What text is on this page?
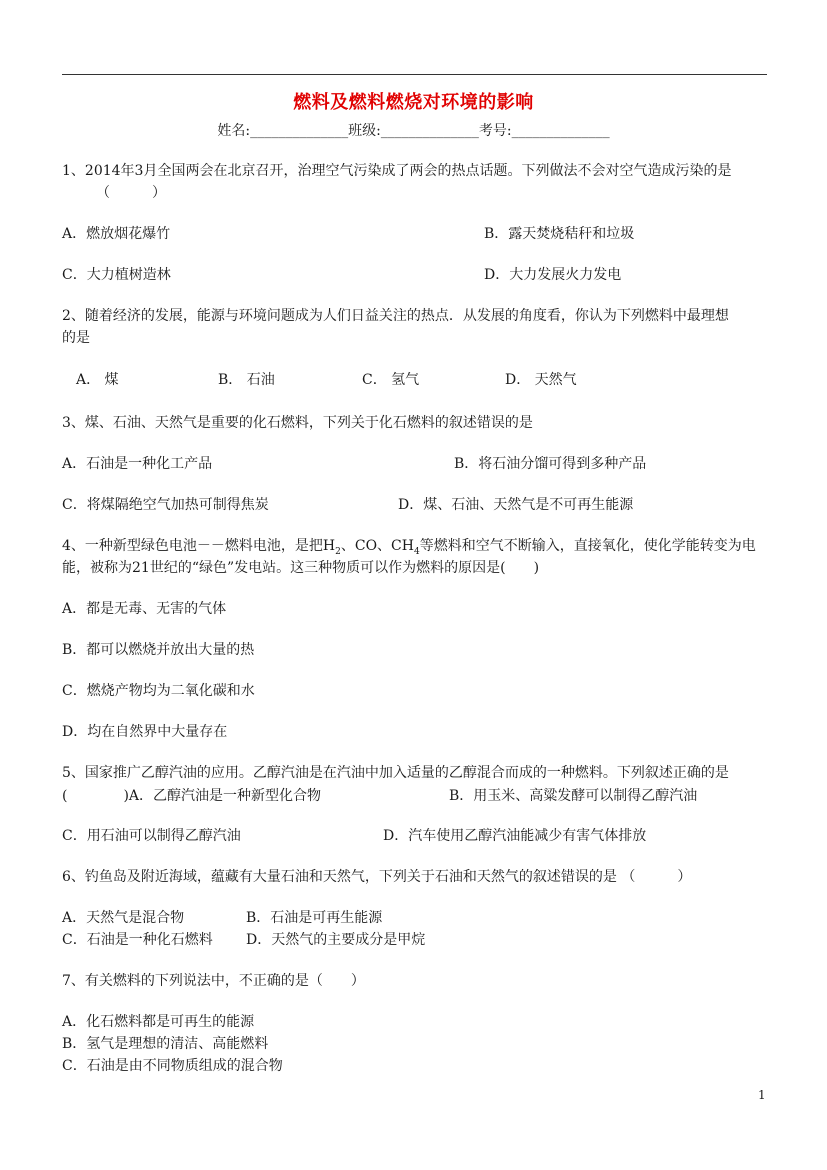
燃料及燃料燃烧对环境的影响
姓名:______________班级:______________考号:______________
1、2014年3月全国两会在北京召开，治理空气污染成了两会的热点话题。下列做法不会对空气造成污染的是
（　　　）
A．燃放烟花爆竹	B．露天焚烧秸秆和垃圾
C．大力植树造林	D．大力发展火力发电
2、随着经济的发展，能源与环境问题成为人们日益关注的热点．从发展的角度看，你认为下列燃料中最理想
的是
A． 煤	B． 石油	C． 氢气	D． 天然气
3、煤、石油、天然气是重要的化石燃料，下列关于化石燃料的叙述错误的是
A．石油是一种化工产品	B．将石油分馏可得到多种产品
C．将煤隔绝空气加热可制得焦炭	D．煤、石油、天然气是不可再生能源
4、一种新型绿色电池－－燃料电池，是把$H_2$、CO、$CH_4$等燃料和空气不断输入，直接氧化，使化学能转变为电
能，被称为21世纪的“绿色”发电站。这三种物质可以作为燃料的原因是(　　)
A．都是无毒、无害的气体
B．都可以燃烧并放出大量的热
C．燃烧产物均为二氧化碳和水
D．均在自然界中大量存在
5、国家推广乙醇汽油的应用。乙醇汽油是在汽油中加入适量的乙醇混合而成的一种燃料。下列叙述正确的是
(　　　　)A．乙醇汽油是一种新型化合物	B．用玉米、高粱发酵可以制得乙醇汽油
C．用石油可以制得乙醇汽油	D．汽车使用乙醇汽油能减少有害气体排放
6、钓鱼岛及附近海域，蕴藏有大量石油和天然气，下列关于石油和天然气的叙述错误的是 （　　　）
A．天然气是混合物	B．石油是可再生能源
C．石油是一种化石燃料 D．天然气的主要成分是甲烷
7、有关燃料的下列说法中，不正确的是（　　）
A．化石燃料都是可再生的能源
B．氢气是理想的清洁、高能燃料
C．石油是由不同物质组成的混合物
1
